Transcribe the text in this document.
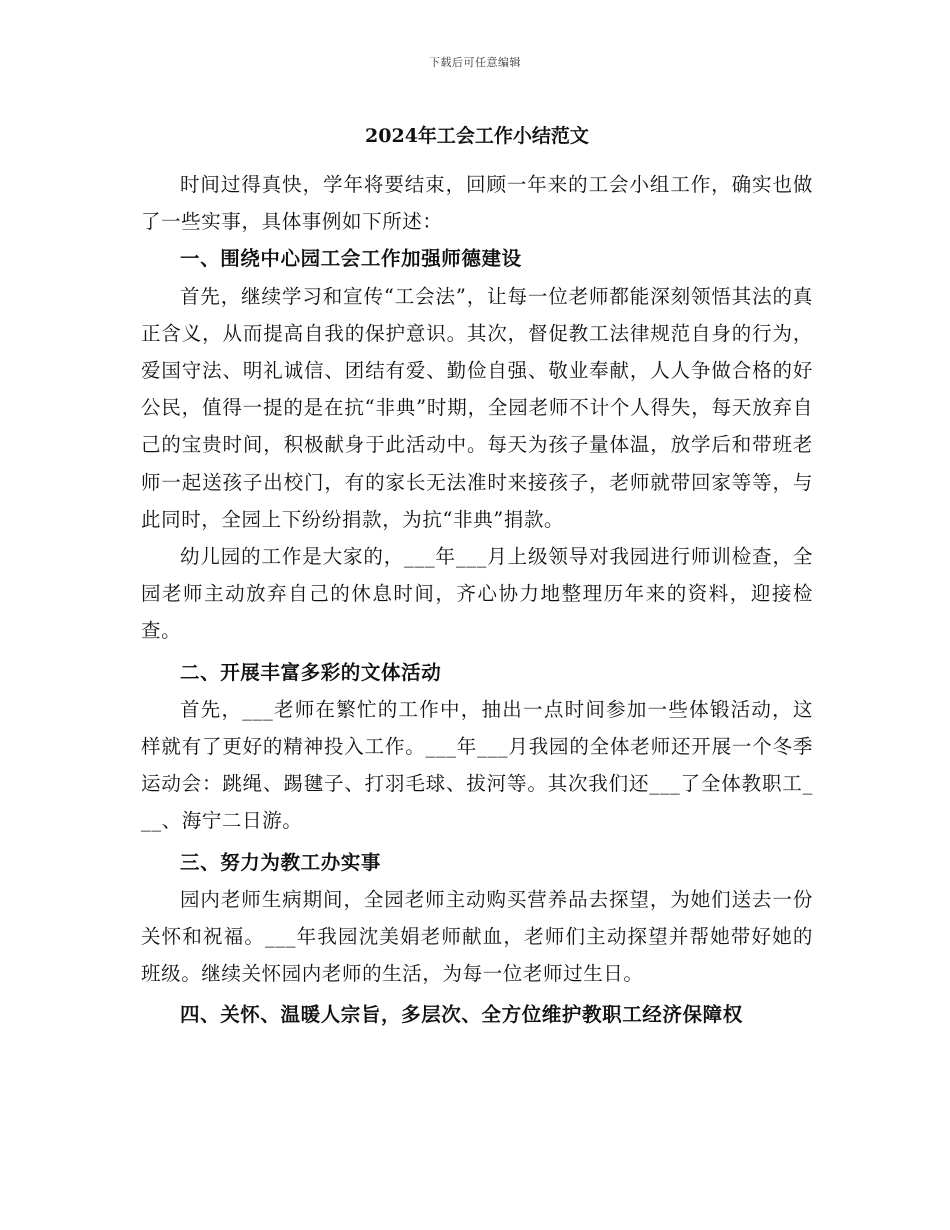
下载后可任意编辑
2024年工会工作小结范文

时间过得真快，学年将要结束，回顾一年来的工会小组工作，确实也做了一些实事，具体事例如下所述：

一、围绕中心园工会工作加强师德建设

首先，继续学习和宣传“工会法”，让每一位老师都能深刻领悟其法的真正含义，从而提高自我的保护意识。其次，督促教工法律规范自身的行为，爱国守法、明礼诚信、团结有爱、勤俭自强、敬业奉献，人人争做合格的好公民，值得一提的是在抗“非典”时期，全园老师不计个人得失，每天放弃自己的宝贵时间，积极献身于此活动中。每天为孩子量体温，放学后和带班老师一起送孩子出校门，有的家长无法准时来接孩子，老师就带回家等等，与此同时，全园上下纷纷捐款，为抗“非典”捐款。

幼儿园的工作是大家的，___年___月上级领导对我园进行师训检查，全园老师主动放弃自己的休息时间，齐心协力地整理历年来的资料，迎接检查。

二、开展丰富多彩的文体活动

首先，___老师在繁忙的工作中，抽出一点时间参加一些体锻活动，这样就有了更好的精神投入工作。___年___月我园的全体老师还开展一个冬季运动会：跳绳、踢毽子、打羽毛球、拔河等。其次我们还___了全体教职工___、海宁二日游。

三、努力为教工办实事

园内老师生病期间，全园老师主动购买营养品去探望，为她们送去一份关怀和祝福。___年我园沈美娟老师献血，老师们主动探望并帮她带好她的班级。继续关怀园内老师的生活，为每一位老师过生日。

四、关怀、温暖人宗旨，多层次、全方位维护教职工经济保障权
